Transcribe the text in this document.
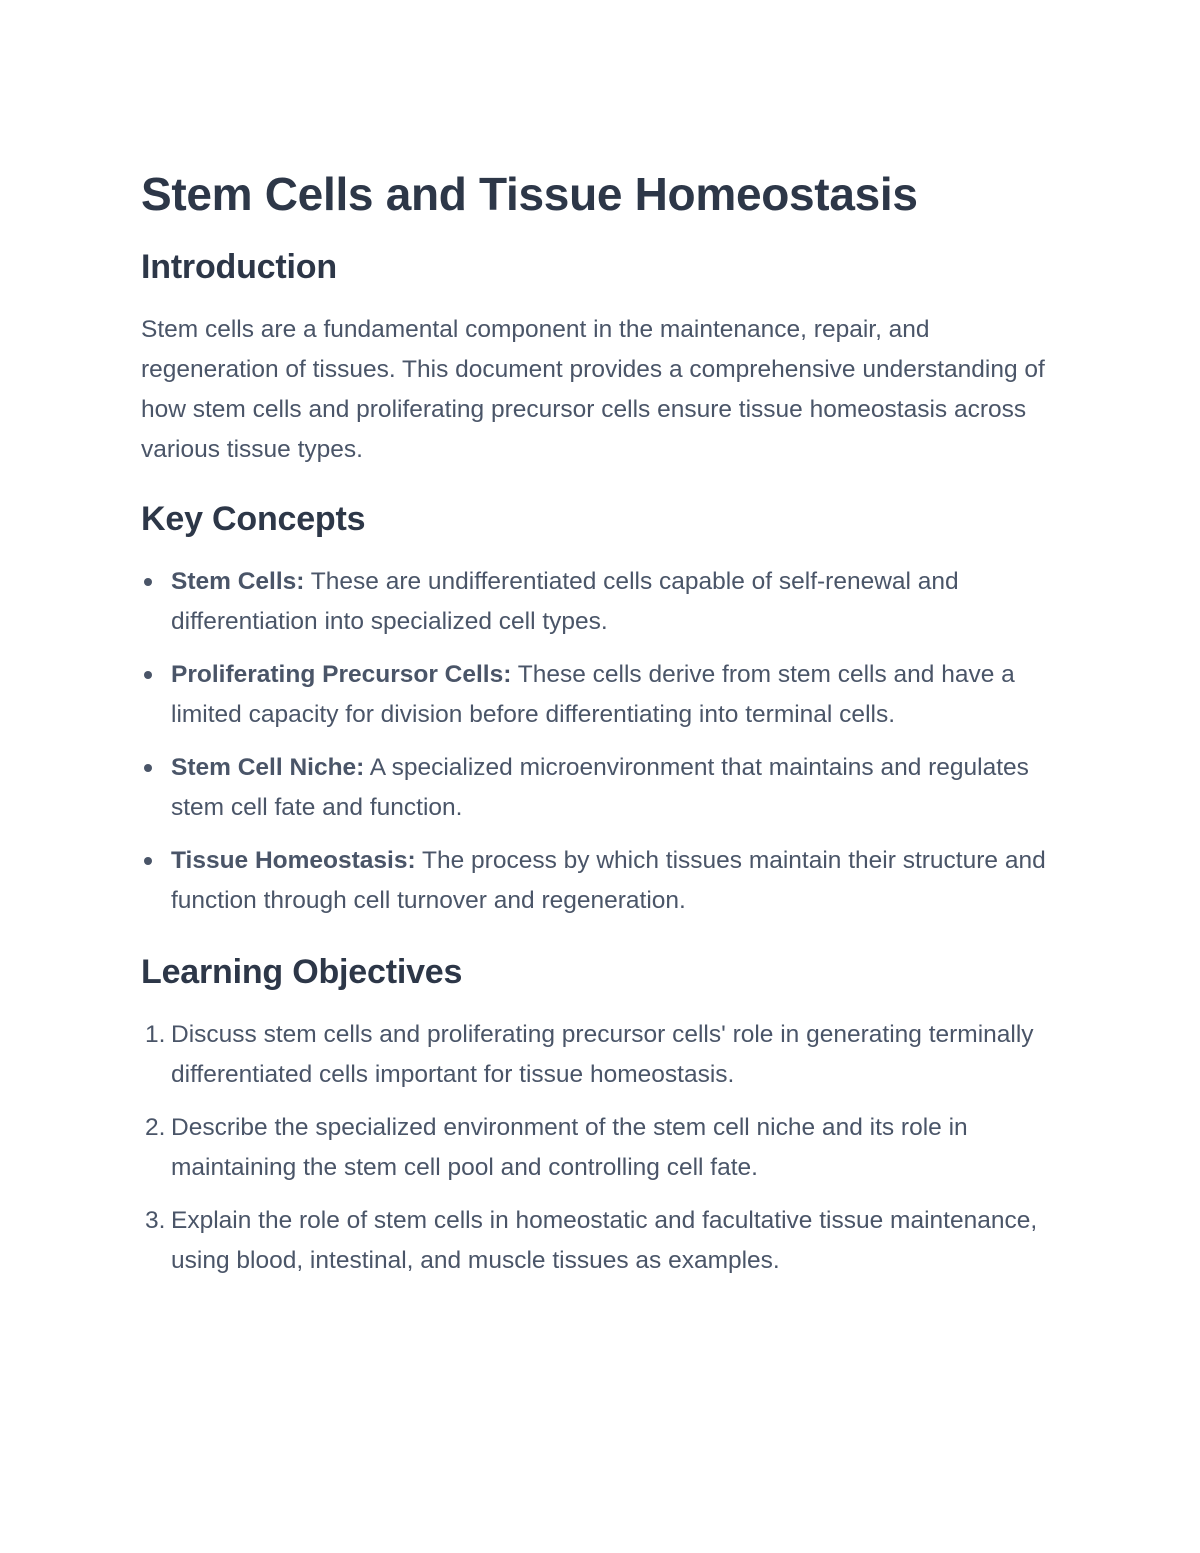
Stem Cells and Tissue Homeostasis
Introduction

Stem cells are a fundamental component in the maintenance, repair, and regeneration of tissues. This document provides a comprehensive understanding of how stem cells and proliferating precursor cells ensure tissue homeostasis across various tissue types.

Key Concepts
Stem Cells: These are undifferentiated cells capable of self-renewal and differentiation into specialized cell types.
Proliferating Precursor Cells: These cells derive from stem cells and have a limited capacity for division before differentiating into terminal cells.
Stem Cell Niche: A specialized microenvironment that maintains and regulates stem cell fate and function.
Tissue Homeostasis: The process by which tissues maintain their structure and function through cell turnover and regeneration.
Learning Objectives
1. Discuss stem cells and proliferating precursor cells' role in generating terminally differentiated cells important for tissue homeostasis.
2. Describe the specialized environment of the stem cell niche and its role in maintaining the stem cell pool and controlling cell fate.
3. Explain the role of stem cells in homeostatic and facultative tissue maintenance, using blood, intestinal, and muscle tissues as examples.
